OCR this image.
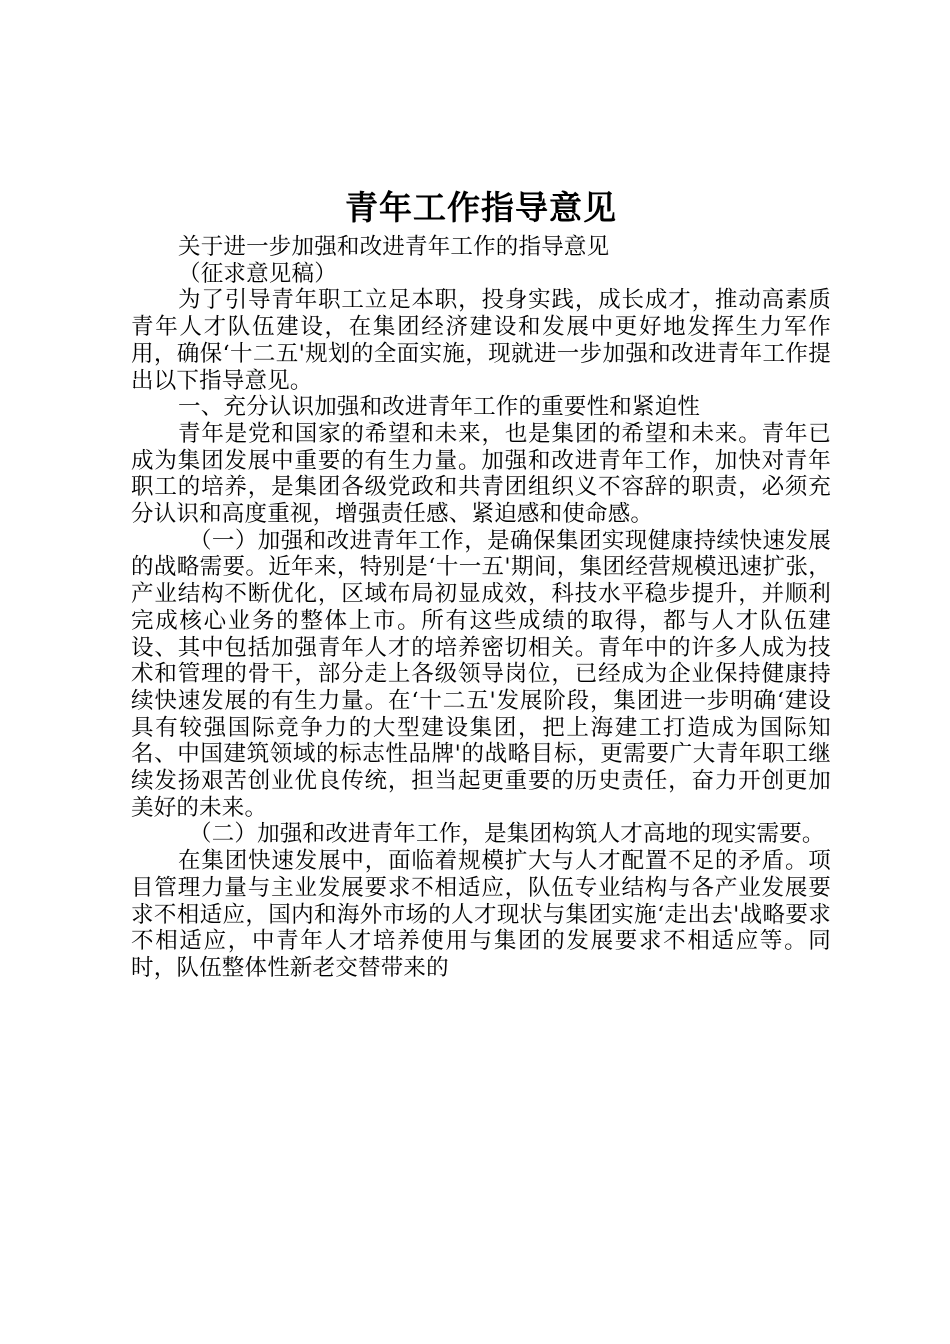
青年工作指导意见

关于进一步加强和改进青年工作的指导意见

（征求意见稿）

为了引导青年职工立足本职，投身实践，成长成才，推动高素质青年人才队伍建设，在集团经济建设和发展中更好地发挥生力军作用，确保‘十二五'规划的全面实施，现就进一步加强和改进青年工作提出以下指导意见。

一、充分认识加强和改进青年工作的重要性和紧迫性

青年是党和国家的希望和未来，也是集团的希望和未来。青年已成为集团发展中重要的有生力量。加强和改进青年工作，加快对青年职工的培养，是集团各级党政和共青团组织义不容辞的职责，必须充分认识和高度重视，增强责任感、紧迫感和使命感。

（一）加强和改进青年工作，是确保集团实现健康持续快速发展的战略需要。近年来，特别是‘十一五'期间，集团经营规模迅速扩张，产业结构不断优化，区域布局初显成效，科技水平稳步提升，并顺利完成核心业务的整体上市。所有这些成绩的取得，都与人才队伍建设、其中包括加强青年人才的培养密切相关。青年中的许多人成为技术和管理的骨干，部分走上各级领导岗位，已经成为企业保持健康持续快速发展的有生力量。在‘十二五'发展阶段，集团进一步明确‘建设具有较强国际竞争力的大型建设集团，把上海建工打造成为国际知名、中国建筑领域的标志性品牌'的战略目标，更需要广大青年职工继续发扬艰苦创业优良传统，担当起更重要的历史责任，奋力开创更加美好的未来。

（二）加强和改进青年工作，是集团构筑人才高地的现实需要。

在集团快速发展中，面临着规模扩大与人才配置不足的矛盾。项目管理力量与主业发展要求不相适应，队伍专业结构与各产业发展要求不相适应，国内和海外市场的人才现状与集团实施‘走出去'战略要求不相适应，中青年人才培养使用与集团的发展要求不相适应等。同时，队伍整体性新老交替带来的
